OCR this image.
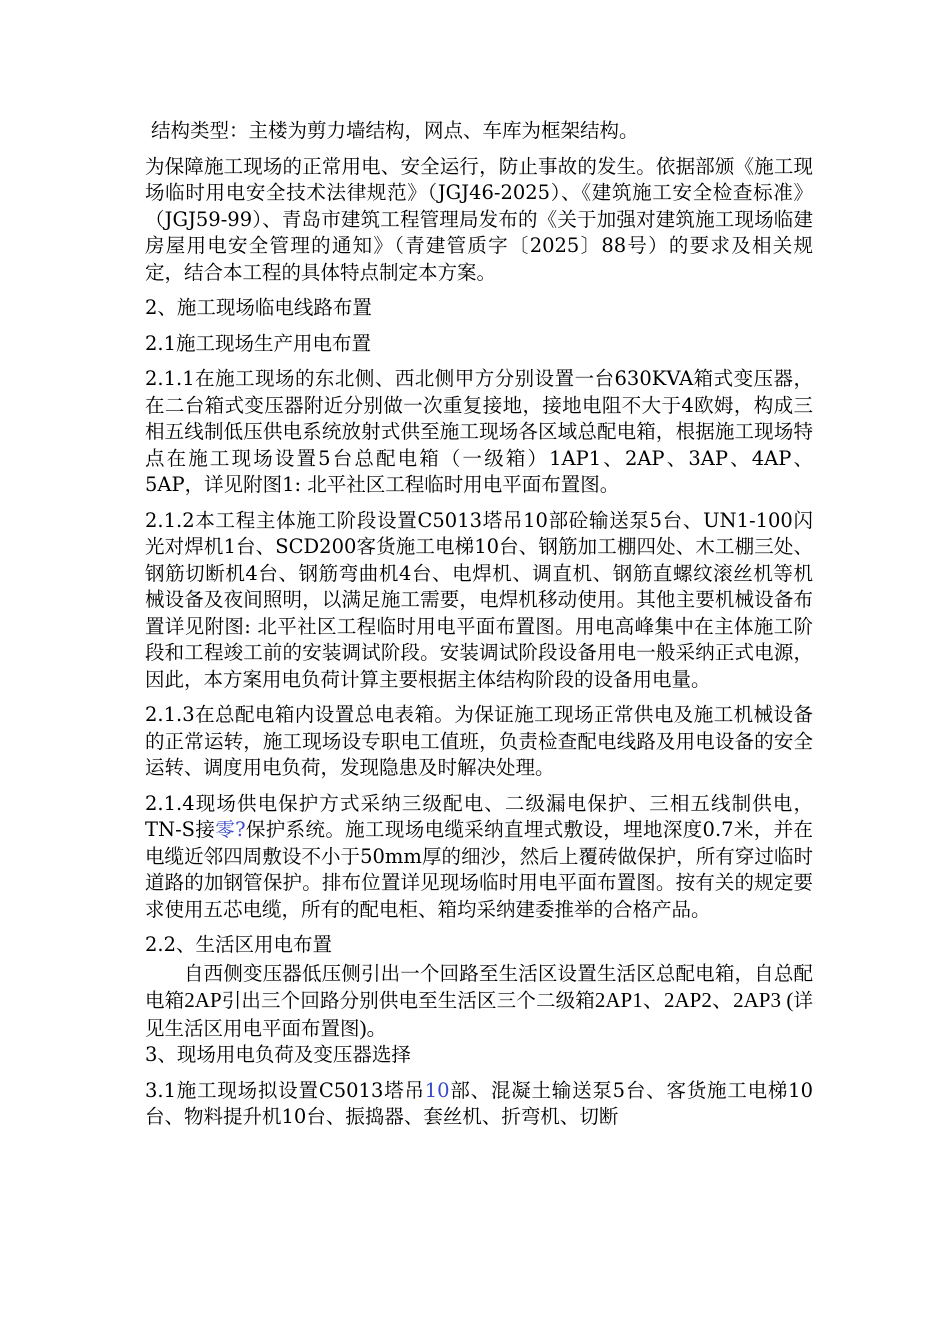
结构类型：主楼为剪力墙结构，网点、车库为框架结构。

为保障施工现场的正常用电、安全运行，防止事故的发生。依据部颁《施工现场临时用电安全技术法律规范》（JGJ46-2025）、《建筑施工安全检查标准》（JGJ59-99）、青岛市建筑工程管理局发布的《关于加强对建筑施工现场临建房屋用电安全管理的通知》（青建管质字〔2025〕88号）的要求及相关规定，结合本工程的具体特点制定本方案。

2、施工现场临电线路布置

2.1施工现场生产用电布置

2.1.1在施工现场的东北侧、西北侧甲方分别设置一台630KVA箱式变压器，在二台箱式变压器附近分别做一次重复接地，接地电阻不大于4欧姆，构成三相五线制低压供电系统放射式供至施工现场各区域总配电箱，根据施工现场特点在施工现场设置5台总配电箱（一级箱）1AP1、2AP、3AP、4AP、5AP，详见附图1: 北平社区工程临时用电平面布置图。

2.1.2本工程主体施工阶段设置C5013塔吊10部砼输送泵5台、UN1-100闪光对焊机1台、SCD200客货施工电梯10台、钢筋加工棚四处、木工棚三处、钢筋切断机4台、钢筋弯曲机4台、电焊机、调直机、钢筋直螺纹滚丝机等机械设备及夜间照明，以满足施工需要，电焊机移动使用。其他主要机械设备布置详见附图: 北平社区工程临时用电平面布置图。用电高峰集中在主体施工阶段和工程竣工前的安装调试阶段。安装调试阶段设备用电一般采纳正式电源，因此，本方案用电负荷计算主要根据主体结构阶段的设备用电量。

2.1.3在总配电箱内设置总电表箱。为保证施工现场正常供电及施工机械设备的正常运转，施工现场设专职电工值班，负责检查配电线路及用电设备的安全运转、调度用电负荷，发现隐患及时解决处理。

2.1.4现场供电保护方式采纳三级配电、二级漏电保护、三相五线制供电，TN-S接零?保护系统。施工现场电缆采纳直埋式敷设，埋地深度0.7米，并在电缆近邻四周敷设不小于50mm厚的细沙，然后上覆砖做保护，所有穿过临时道路的加钢管保护。排布位置详见现场临时用电平面布置图。按有关的规定要求使用五芯电缆，所有的配电柜、箱均采纳建委推举的合格产品。

2.2、生活区用电布置

自西侧变压器低压侧引出一个回路至生活区设置生活区总配电箱，自总配电箱2AP引出三个回路分别供电至生活区三个二级箱2AP1、2AP2、2AP3 (详见生活区用电平面布置图)。

3、现场用电负荷及变压器选择

3.1施工现场拟设置C5013塔吊10部、混凝土输送泵5台、客货施工电梯10台、物料提升机10台、振捣器、套丝机、折弯机、切断
